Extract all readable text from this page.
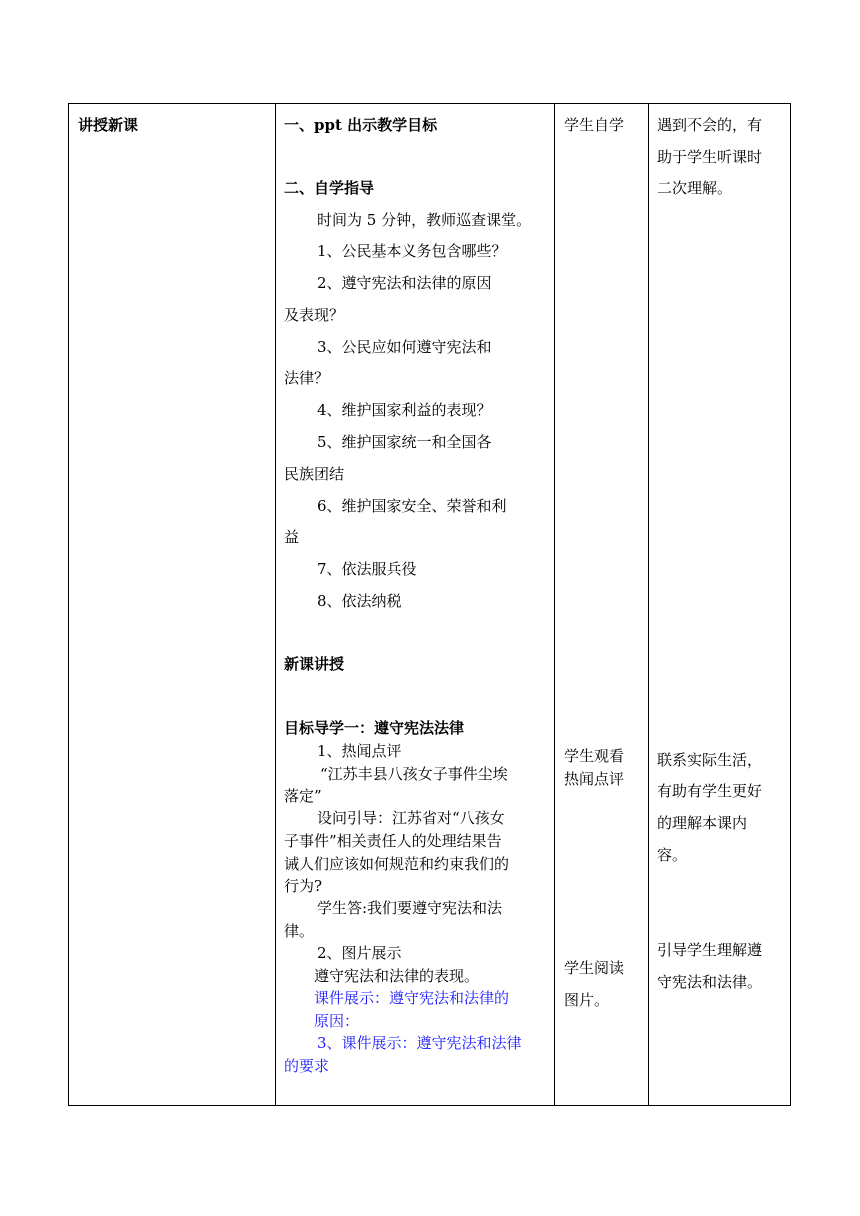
讲授新课	一、ppt 出示教学目标
二、自学指导
时间为 5 分钟，教师巡查课堂。
1、公民基本义务包含哪些？
2、遵守宪法和法律的原因
及表现？
3、公民应如何遵守宪法和
法律？
4、维护国家利益的表现？
5、维护国家统一和全国各
民族团结
6、维护国家安全、荣誉和利
益
7、依法服兵役
8、依法纳税
新课讲授
目标导学一：遵守宪法法律
1、热闻点评
“江苏丰县八孩女子事件尘埃
落定”
设问引导：江苏省对“八孩女
子事件”相关责任人的处理结果告
诫人们应该如何规范和约束我们的
行为?
学生答:我们要遵守宪法和法
律。
2、图片展示
遵守宪法和法律的表现。
课件展示：遵守宪法和法律的
原因：
3、课件展示：遵守宪法和法律
的要求
学生自学
学生观看
热闻点评
学生阅读
图片。
遇到不会的，有
助于学生听课时
二次理解。
联系实际生活，
有助有学生更好
的理解本课内
容。
引导学生理解遵
守宪法和法律。
